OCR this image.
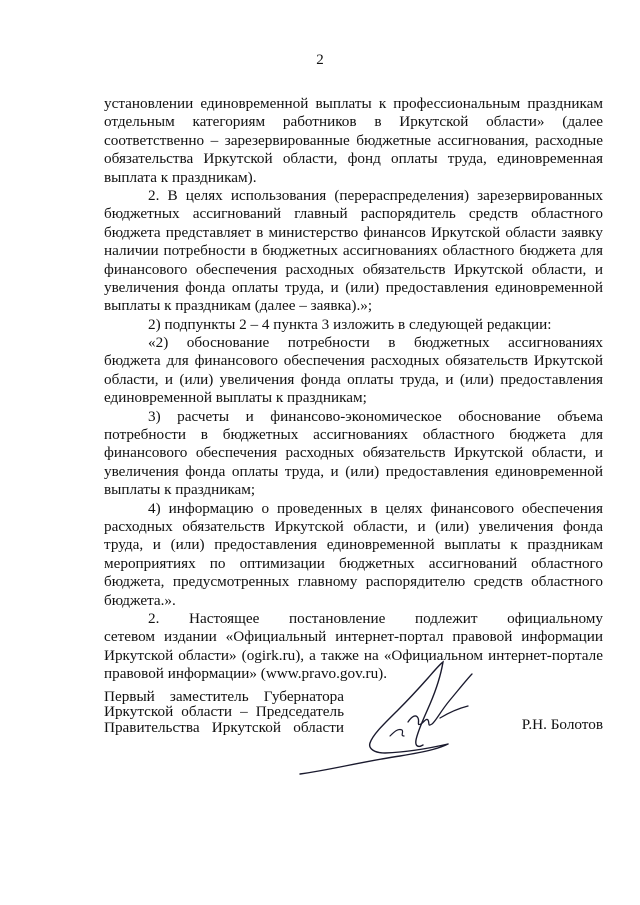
2
установлении единовременной выплаты к профессиональным праздникам
отдельным категориям работников в Иркутской области» (далее
соответственно – зарезервированные бюджетные ассигнования, расходные
обязательства Иркутской области, фонд оплаты труда, единовременная
выплата к праздникам).
2. В целях использования (перераспределения) зарезервированных
бюджетных ассигнований главный распорядитель средств областного
бюджета представляет в министерство финансов Иркутской области заявку
наличии потребности в бюджетных ассигнованиях областного бюджета для
финансового обеспечения расходных обязательств Иркутской области, и
увеличения фонда оплаты труда, и (или) предоставления единовременной
выплаты к праздникам (далее – заявка).»;
2) подпункты 2 – 4 пункта 3 изложить в следующей редакции:
«2) обоснование потребности в бюджетных ассигнованиях
бюджета для финансового обеспечения расходных обязательств Иркутской
области, и (или) увеличения фонда оплаты труда, и (или) предоставления
единовременной выплаты к праздникам;
3) расчеты и финансово-экономическое обоснование объема
потребности в бюджетных ассигнованиях областного бюджета для
финансового обеспечения расходных обязательств Иркутской области, и
увеличения фонда оплаты труда, и (или) предоставления единовременной
выплаты к праздникам;
4) информацию о проведенных в целях финансового обеспечения
расходных обязательств Иркутской области, и (или) увеличения фонда
труда, и (или) предоставления единовременной выплаты к праздникам
мероприятиях по оптимизации бюджетных ассигнований областного
бюджета, предусмотренных главному распорядителю средств областного
бюджета.».
2. Настоящее постановление подлежит официальному
сетевом издании «Официальный интернет-портал правовой информации
Иркутской области» (ogirk.ru), а также на «Официальном интернет-портале
правовой информации» (www.pravo.gov.ru).
Первый заместитель Губернатора
Иркутской области – Председатель
Правительства Иркутской области	Р.Н. Болотов
